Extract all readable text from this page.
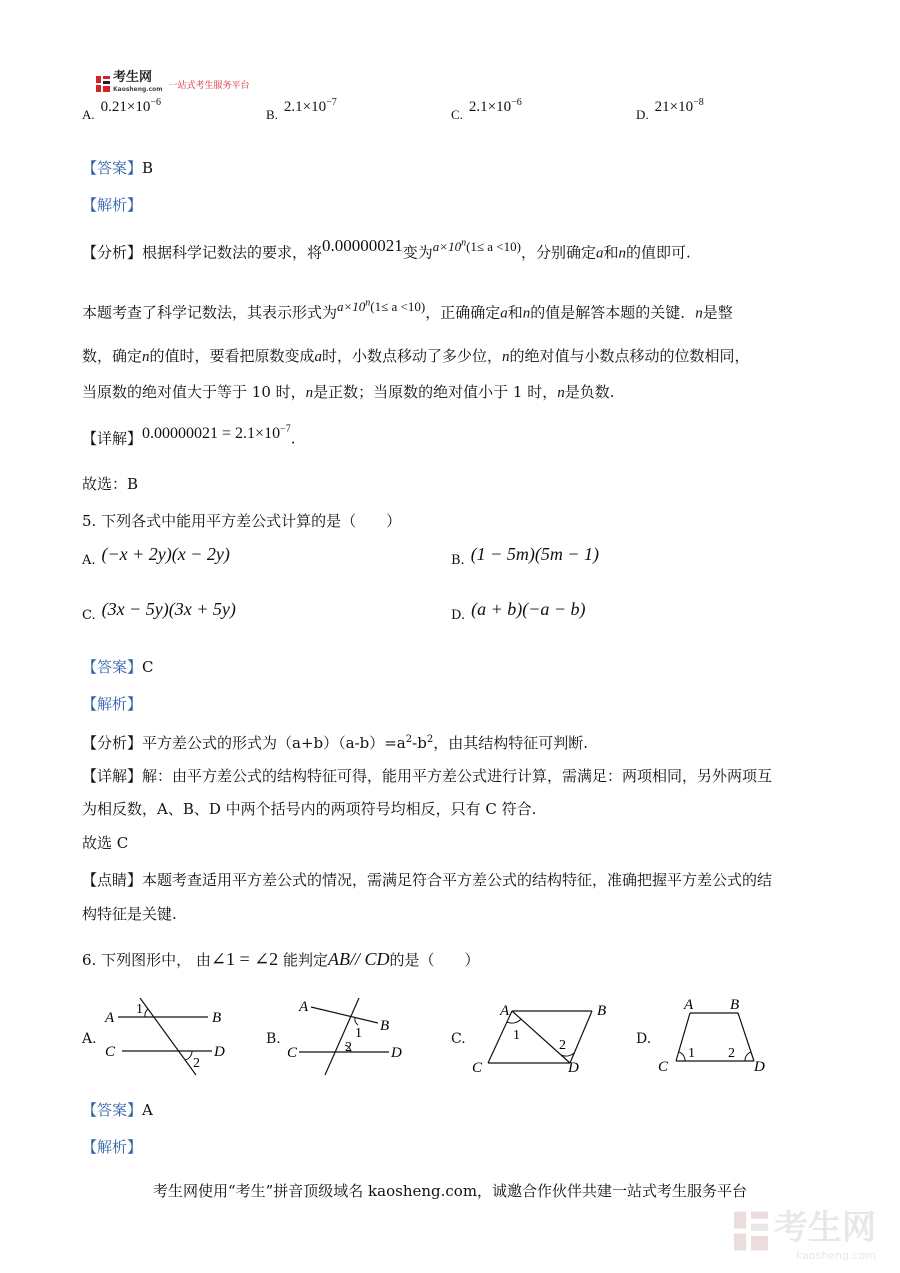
考生网
Kaosheng.com 一站式考生服务平台
A. $0.21\times 10^{-6}$
B. $2.1\times 10^{-7}$
C. $2.1\times 10^{-6}$
D. $21\times 10^{-8}$
【答案】B
【解析】
【分析】根据科学记数法的要求，将0.00000021变为$a\times 10^n(1\le a <10)$，分别确定a和n的值即可.
本题考查了科学记数法，其表示形式为$a\times 10^n(1\le a <10)$，正确确定a和n的值是解答本题的关键．n是整
数，确定n的值时，要看把原数变成a时，小数点移动了多少位，n的绝对值与小数点移动的位数相同，
当原数的绝对值大于等于 10 时，n是正数；当原数的绝对值小于 1 时，n是负数.
【详解】$0.00000021 = 2.1\times 10^{-7}$.
故选：B
5. 下列各式中能用平方差公式计算的是（　　）
A. (−x + 2y)(x − 2y)	B. (1 − 5m)(5m − 1)
C. (3x − 5y)(3x + 5y)	D. (a + b)(−a − b)
【答案】C
【解析】
【分析】平方差公式的形式为$(a+b)(a-b)=a^2-b^2$，由其结构特征可判断.
【详解】解：由平方差公式的结构特征可得，能用平方差公式进行计算，需满足：两项相同，另外两项互
为相反数，A、B、D 中两个括号内的两项符号均相反，只有 C 符合.
故选 C
【点睛】本题考查适用平方差公式的情况，需满足符合平方差公式的结构特征，准确把握平方差公式的结
构特征是关键.
6. 下列图形中， 由∠1 = ∠2 能判定AB// CD的是（　　）
A.
A	B
C	D
1
2
B.
A
B
C	D
1
2
C.
A	B
C	D
1
2	D.
A B
C	D
1 2
【答案】A
【解析】
考生网使用“考生”拼音顶级域名 kaosheng.com，诚邀合作伙伴共建一站式考生服务平台
考生网
kaosheng.com
